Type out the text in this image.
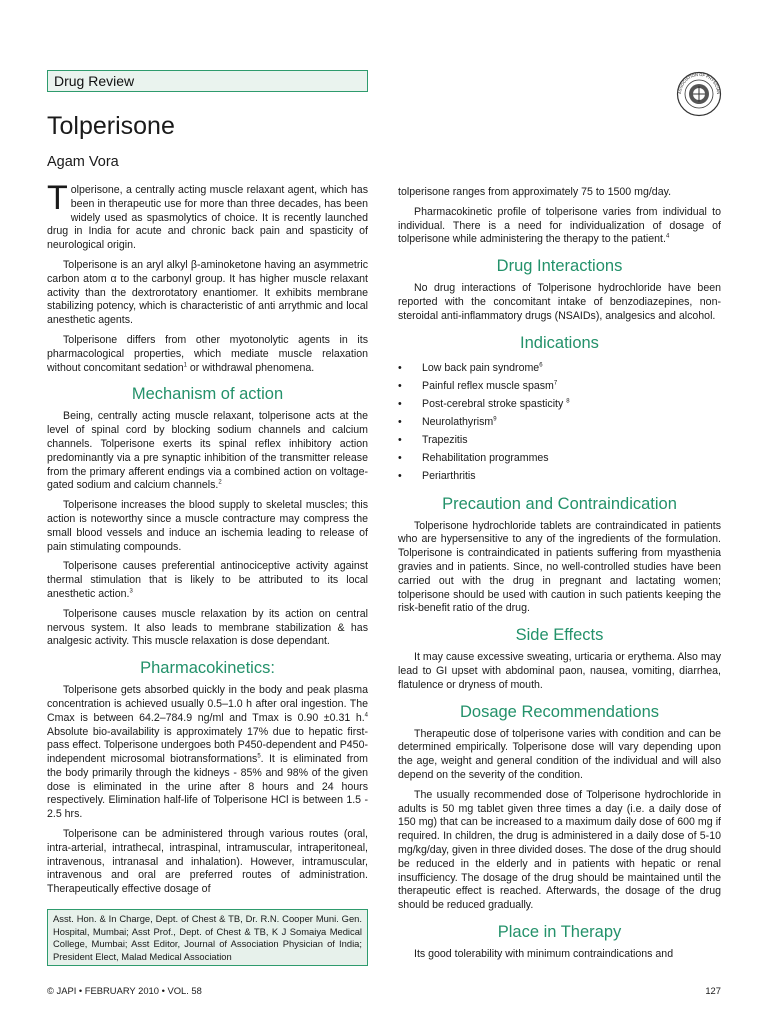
Drug Review
ASSOCIATION OF PHYSICIAN
Tolperisone
Agam Vora

Tolperisone, a centrally acting muscle relaxant agent, which has been in therapeutic use for more than three decades, has been widely used as spasmolytics of choice. It is recently launched drug in India for acute and chronic back pain and spasticity of neurological origin.

Tolperisone is an aryl alkyl β-aminoketone having an asymmetric carbon atom α to the carbonyl group. It has higher muscle relaxant activity than the dextrorotatory enantiomer. It exhibits membrane stabilizing potency, which is characteristic of anti arrythmic and local anesthetic agents.

Tolperisone differs from other myotonolytic agents in its pharmacological properties, which mediate muscle relaxation without concomitant sedation$^1$ or withdrawal phenomena.

Mechanism of action

Being, centrally acting muscle relaxant, tolperisone acts at the level of spinal cord by blocking sodium channels and calcium channels. Tolperisone exerts its spinal reflex inhibitory action predominantly via a pre synaptic inhibition of the transmitter release from the primary afferent endings via a combined action on voltage-gated sodium and calcium channels.$^2$

Tolperisone increases the blood supply to skeletal muscles; this action is noteworthy since a muscle contracture may compress the small blood vessels and induce an ischemia leading to release of pain stimulating compounds.

Tolperisone causes preferential antinociceptive activity against thermal stimulation that is likely to be attributed to its local anesthetic action.$^3$

Tolperisone causes muscle relaxation by its action on central nervous system. It also leads to membrane stabilization & has analgesic activity. This muscle relaxation is dose dependant.

Pharmacokinetics:

Tolperisone gets absorbed quickly in the body and peak plasma concentration is achieved usually 0.5–1.0 h after oral ingestion. The Cmax is between 64.2–784.9 ng/ml and Tmax is 0.90 ±0.31 h.$^4$ Absolute bio-availability is approximately 17% due to hepatic first-pass effect. Tolperisone undergoes both P450-dependent and P450-independent microsomal biotransformations$^5$. It is eliminated from the body primarily through the kidneys - 85% and 98% of the given dose is eliminated in the urine after 8 hours and 24 hours respectively. Elimination half-life of Tolperisone HCl is between 1.5 - 2.5 hrs.

Tolperisone can be administered through various routes (oral, intra-arterial, intrathecal, intraspinal, intramuscular, intraperitoneal, intravenous, intranasal and inhalation). However, intramuscular, intravenous and oral are preferred routes of administration. Therapeutically effective dosage of

Asst. Hon. & In Charge, Dept. of Chest & TB, Dr. R.N. Cooper Muni. Gen. Hospital, Mumbai; Asst Prof., Dept. of Chest & TB, K J Somaiya Medical College, Mumbai; Asst Editor, Journal of Association Physician of India; President Elect, Malad Medical Association

tolperisone ranges from approximately 75 to 1500 mg/day.

Pharmacokinetic profile of tolperisone varies from individual to individual. There is a need for individualization of dosage of tolperisone while administering the therapy to the patient.$^4$

Drug Interactions

No drug interactions of Tolperisone hydrochloride have been reported with the concomitant intake of benzodiazepines, non-steroidal anti-inflammatory drugs (NSAIDs), analgesics and alcohol.

Indications
• Low back pain syndrome$^6$
• Painful reflex muscle spasm$^7$
• Post-cerebral stroke spasticity $^8$
• Neurolathyrism$^9$
• Trapezitis
• Rehabilitation programmes
• Periarthritis
Precaution and Contraindication

Tolperisone hydrochloride tablets are contraindicated in patients who are hypersensitive to any of the ingredients of the formulation. Tolperisone is contraindicated in patients suffering from myasthenia gravies and in patients. Since, no well-controlled studies have been carried out with the drug in pregnant and lactating women; tolperisone should be used with caution in such patients keeping the risk-benefit ratio of the drug.

Side Effects

It may cause excessive sweating, urticaria or erythema. Also may lead to GI upset with abdominal paon, nausea, vomiting, diarrhea, flatulence or dryness of mouth.

Dosage Recommendations

Therapeutic dose of tolperisone varies with condition and can be determined empirically. Tolperisone dose will vary depending upon the age, weight and general condition of the individual and will also depend on the severity of the condition.

The usually recommended dose of Tolperisone hydrochloride in adults is 50 mg tablet given three times a day (i.e. a daily dose of 150 mg) that can be increased to a maximum daily dose of 600 mg if required. In children, the drug is administered in a daily dose of 5-10 mg/kg/day, given in three divided doses. The dose of the drug should be reduced in the elderly and in patients with hepatic or renal insufficiency. The dosage of the drug should be maintained until the therapeutic effect is reached. Afterwards, the dosage of the drug should be reduced gradually.

Place in Therapy

Its good tolerability with minimum contraindications and

© JAPI • FEBRUARY 2010 • VOL. 58	127
